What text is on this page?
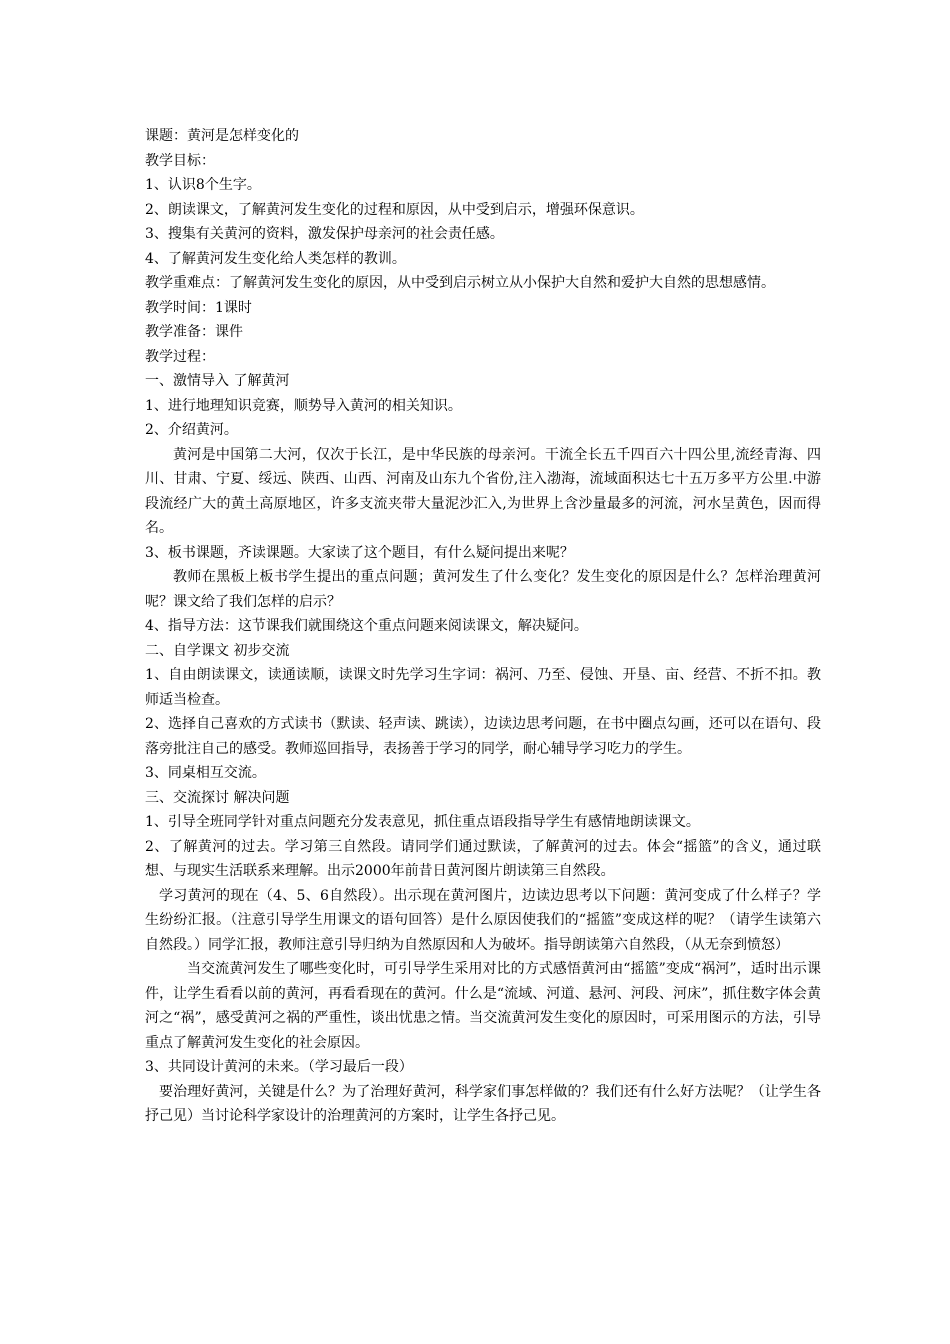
课题：黄河是怎样变化的

教学目标：

1、认识8个生字。

2、朗读课文，了解黄河发生变化的过程和原因，从中受到启示，增强环保意识。

3、搜集有关黄河的资料，激发保护母亲河的社会责任感。

4、了解黄河发生变化给人类怎样的教训。

教学重难点：了解黄河发生变化的原因，从中受到启示树立从小保护大自然和爱护大自然的思想感情。

教学时间：1课时

教学准备：课件

教学过程：

一、激情导入 了解黄河

1、进行地理知识竞赛，顺势导入黄河的相关知识。

2、介绍黄河。

黄河是中国第二大河，仅次于长江，是中华民族的母亲河。干流全长五千四百六十四公里,流经青海、四川、甘肃、宁夏、绥远、陕西、山西、河南及山东九个省份,注入渤海，流域面积达七十五万多平方公里.中游段流经广大的黄土高原地区，许多支流夹带大量泥沙汇入,为世界上含沙量最多的河流，河水呈黄色，因而得名。

3、板书课题，齐读课题。大家读了这个题目，有什么疑问提出来呢？

教师在黑板上板书学生提出的重点问题；黄河发生了什么变化？发生变化的原因是什么？怎样治理黄河呢？课文给了我们怎样的启示？

4、指导方法：这节课我们就围绕这个重点问题来阅读课文，解决疑问。

二、自学课文 初步交流

1、自由朗读课文，读通读顺，读课文时先学习生字词：祸河、乃至、侵蚀、开垦、亩、经营、不折不扣。教师适当检查。

2、选择自己喜欢的方式读书（默读、轻声读、跳读），边读边思考问题，在书中圈点勾画，还可以在语句、段落旁批注自己的感受。教师巡回指导，表扬善于学习的同学，耐心辅导学习吃力的学生。

3、同桌相互交流。

三、交流探讨 解决问题

1、引导全班同学针对重点问题充分发表意见，抓住重点语段指导学生有感情地朗读课文。

2、了解黄河的过去。学习第三自然段。请同学们通过默读，了解黄河的过去。体会“摇篮”的含义，通过联想、与现实生活联系来理解。出示2000年前昔日黄河图片朗读第三自然段。

学习黄河的现在（4、5、6自然段）。出示现在黄河图片，边读边思考以下问题：黄河变成了什么样子？学生纷纷汇报。（注意引导学生用课文的语句回答）是什么原因使我们的“摇篮”变成这样的呢？（请学生读第六自然段。）同学汇报，教师注意引导归纳为自然原因和人为破坏。指导朗读第六自然段，（从无奈到愤怒）

当交流黄河发生了哪些变化时，可引导学生采用对比的方式感悟黄河由“摇篮”变成“祸河”，适时出示课件，让学生看看以前的黄河，再看看现在的黄河。什么是“流域、河道、悬河、河段、河床”，抓住数字体会黄河之“祸”，感受黄河之祸的严重性，谈出忧患之情。当交流黄河发生变化的原因时，可采用图示的方法，引导重点了解黄河发生变化的社会原因。

3、共同设计黄河的未来。（学习最后一段）

要治理好黄河，关键是什么？为了治理好黄河，科学家们事怎样做的？我们还有什么好方法呢？（让学生各抒己见）当讨论科学家设计的治理黄河的方案时，让学生各抒己见。
